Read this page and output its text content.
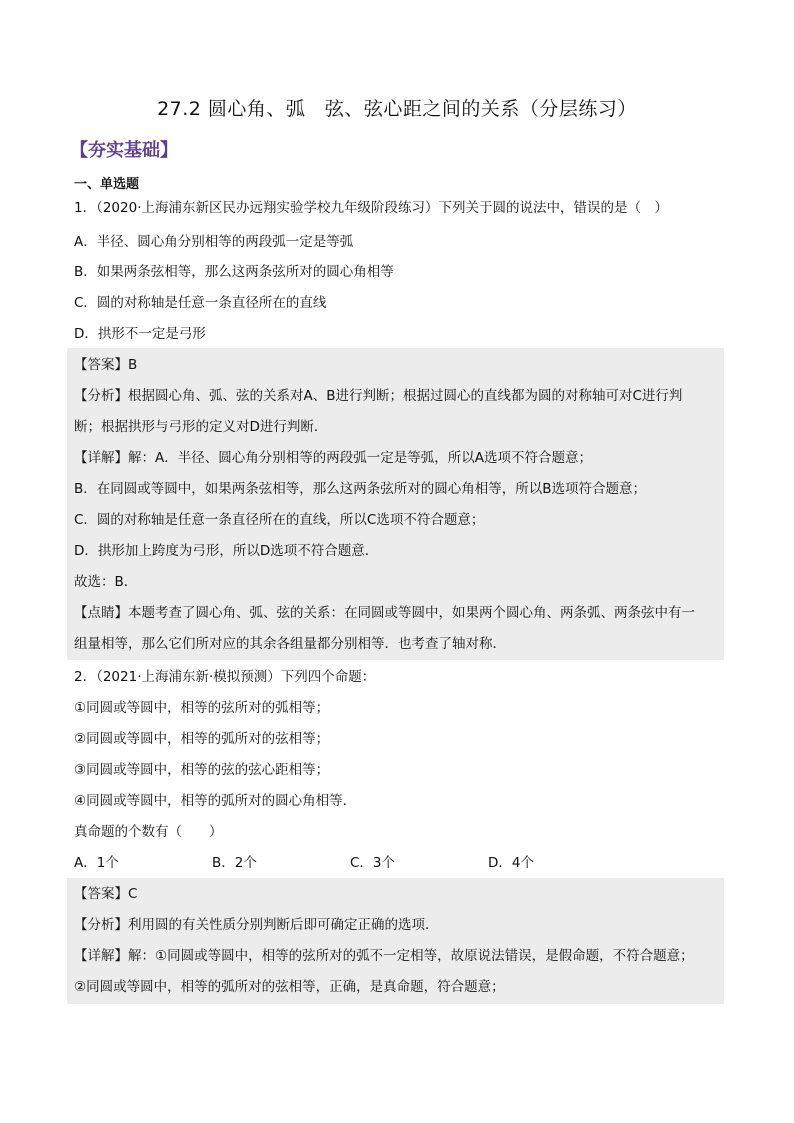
27.2 圆心角、弧　弦、弦心距之间的关系（分层练习）
【夯实基础】
一、单选题
1．（2020·上海浦东新区民办远翔实验学校九年级阶段练习）下列关于圆的说法中，错误的是（　）
A．半径、圆心角分别相等的两段弧一定是等弧
B．如果两条弦相等，那么这两条弦所对的圆心角相等
C．圆的对称轴是任意一条直径所在的直线
D．拱形不一定是弓形
【答案】B
【分析】根据圆心角、弧、弦的关系对A、B进行判断；根据过圆心的直线都为圆的对称轴可对C进行判
断；根据拱形与弓形的定义对D进行判断．
【详解】解：A．半径、圆心角分别相等的两段弧一定是等弧，所以A选项不符合题意；
B．在同圆或等圆中，如果两条弦相等，那么这两条弦所对的圆心角相等，所以B选项符合题意；
C．圆的对称轴是任意一条直径所在的直线，所以C选项不符合题意；
D．拱形加上跨度为弓形，所以D选项不符合题意．
故选：B．
【点睛】本题考查了圆心角、弧、弦的关系：在同圆或等圆中，如果两个圆心角、两条弧、两条弦中有一
组量相等，那么它们所对应的其余各组量都分别相等．也考查了轴对称．
2．（2021·上海浦东新·模拟预测）下列四个命题：
①同圆或等圆中，相等的弦所对的弧相等；
②同圆或等圆中，相等的弧所对的弦相等；
③同圆或等圆中，相等的弦的弦心距相等；
④同圆或等圆中，相等的弧所对的圆心角相等．
真命题的个数有（　　）
A．1个	B．2个	C．3个	D．4个
【答案】C
【分析】利用圆的有关性质分别判断后即可确定正确的选项．
【详解】解：①同圆或等圆中，相等的弦所对的弧不一定相等，故原说法错误，是假命题，不符合题意；
②同圆或等圆中，相等的弧所对的弦相等，正确，是真命题，符合题意；
